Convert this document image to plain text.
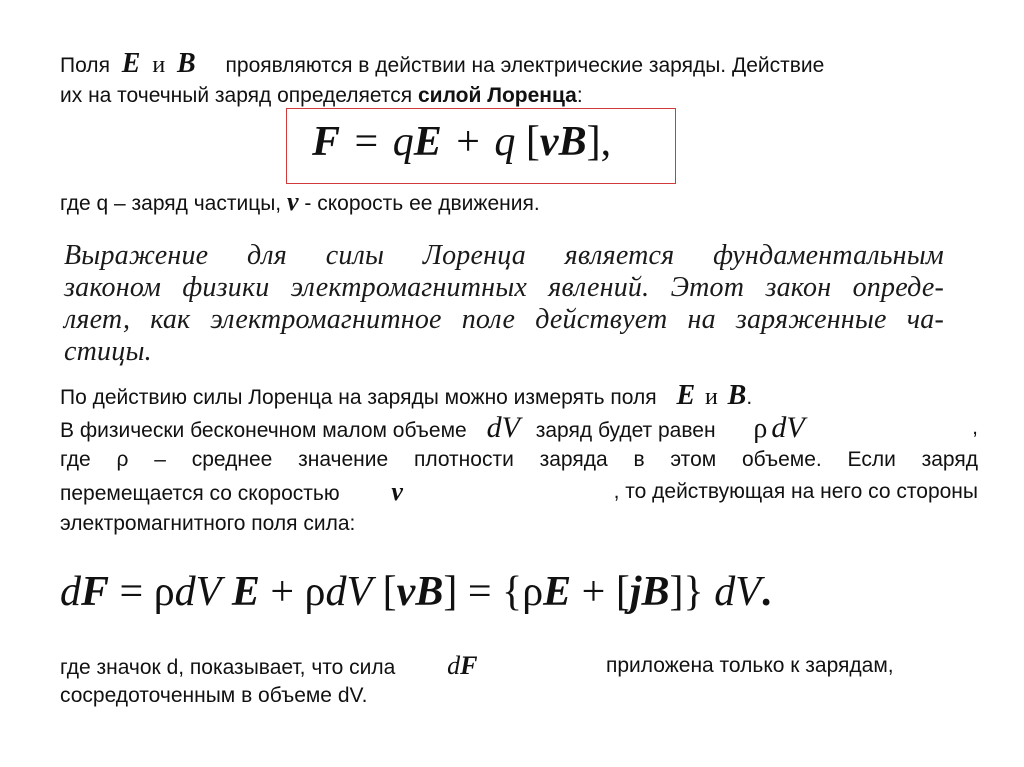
Поля E и B проявляются в действии на электрические заряды. Действие
их на точечный заряд определяется силой Лоренца:
F = qE + q [vB],
где q – заряд частицы, v - скорость ее движения.
Выражение для силы Лоренца является фундаментальным
законом физики электромагнитных явлений. Этот закон опреде-
ляет, как электромагнитное поле действует на заряженные ча-
стицы.
По действию силы Лоренца на заряды можно измерять поля E и B.
В физически бесконечном малом объеме dV заряд будет равен ρ dV	,
где ρ – среднее значение плотности заряда в этом объеме. Если заряд
перемещается со скоростью v	, то действующая на него со стороны
электромагнитного поля сила:
dF = ρdV E + ρdV [vB] = {ρE + [jB]} dV.
где значок d, показывает, что сила dF	приложена только к зарядам,
сосредоточенным в объеме dV.
